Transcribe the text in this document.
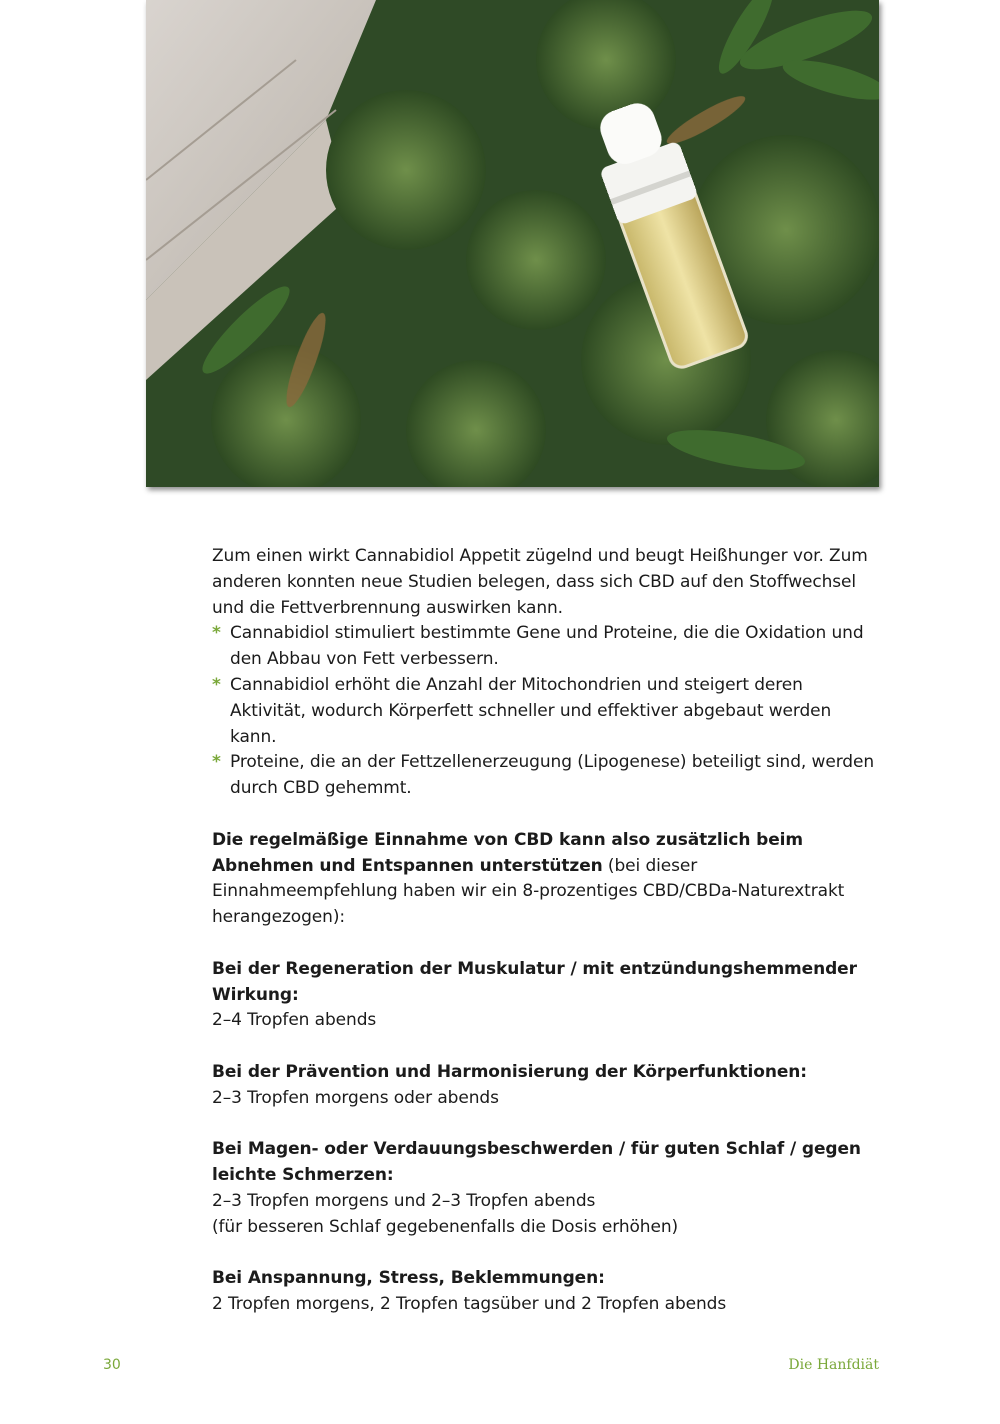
Zum einen wirkt Cannabidiol Appetit zügelnd und beugt Heißhunger vor. Zum anderen konnten neue Studien belegen, dass sich CBD auf den Stoffwechsel und die Fettverbrennung auswirken kann.

* Cannabidiol stimuliert bestimmte Gene und Proteine, die die Oxidation und den Abbau von Fett verbessern.
* Cannabidiol erhöht die Anzahl der Mitochondrien und steigert deren Aktivität, wodurch Körperfett schneller und effektiver abgebaut werden kann.
* Proteine, die an der Fettzellenerzeugung (Lipogenese) beteiligt sind, werden durch CBD gehemmt.

Die regelmäßige Einnahme von CBD kann also zusätzlich beim Abnehmen und Entspannen unterstützen (bei dieser Einnahmeempfehlung haben wir ein 8-prozentiges CBD/CBDa-Naturextrakt herangezogen):

Bei der Regeneration der Muskulatur / mit entzündungshemmender Wirkung:

2–4 Tropfen abends

Bei der Prävention und Harmonisierung der Körperfunktionen:

2–3 Tropfen morgens oder abends

Bei Magen- oder Verdauungsbeschwerden / für guten Schlaf / gegen leichte Schmerzen:

2–3 Tropfen morgens und 2–3 Tropfen abends

(für besseren Schlaf gegebenenfalls die Dosis erhöhen)

Bei Anspannung, Stress, Beklemmungen:

2 Tropfen morgens, 2 Tropfen tagsüber und 2 Tropfen abends

30	Die Hanfdiät
